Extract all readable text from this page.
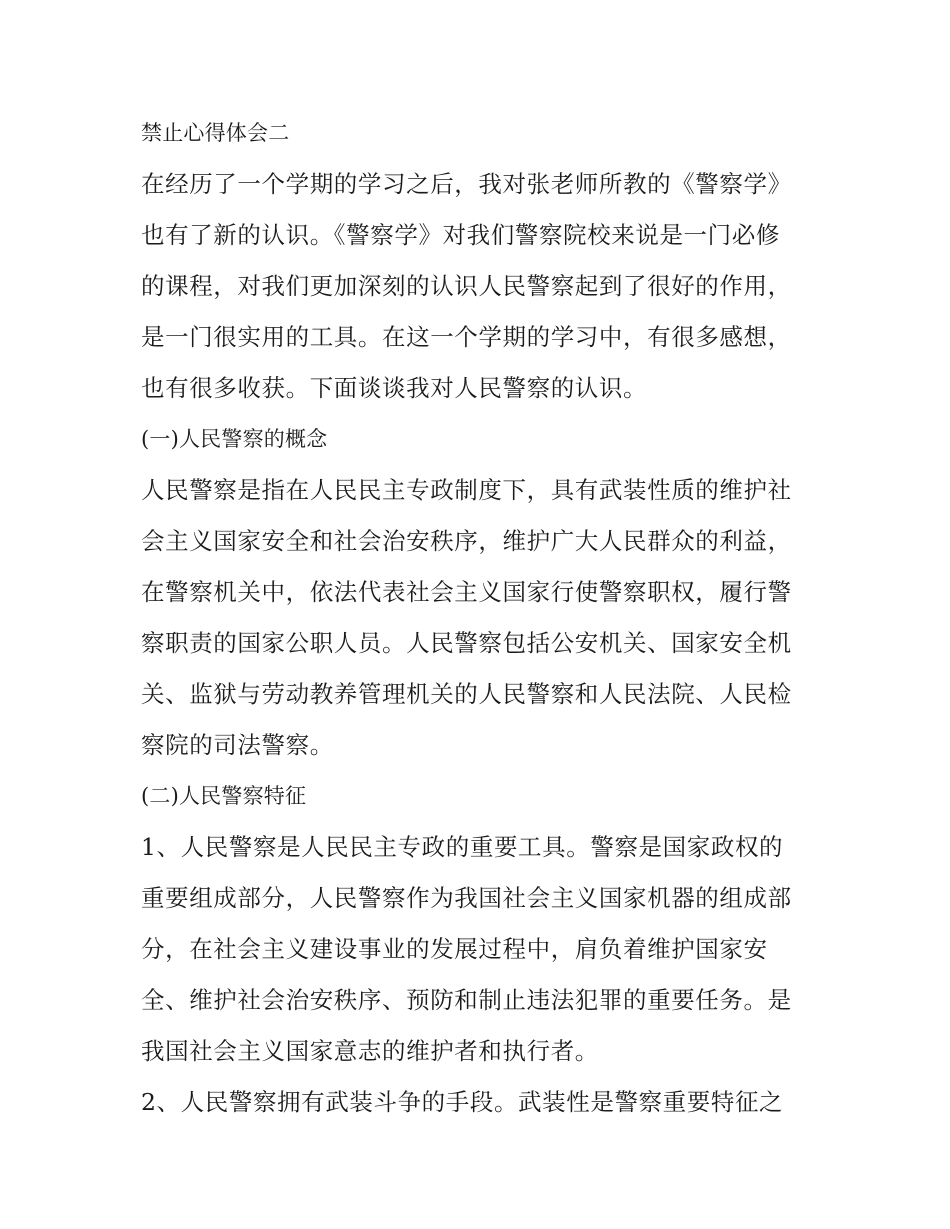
禁止心得体会二
在经历了一个学期的学习之后，我对张老师所教的《警察学》
也有了新的认识。《警察学》对我们警察院校来说是一门必修
的课程，对我们更加深刻的认识人民警察起到了很好的作用，
是一门很实用的工具。在这一个学期的学习中，有很多感想，
也有很多收获。下面谈谈我对人民警察的认识。
(一)人民警察的概念
人民警察是指在人民民主专政制度下，具有武装性质的维护社
会主义国家安全和社会治安秩序，维护广大人民群众的利益，
在警察机关中，依法代表社会主义国家行使警察职权，履行警
察职责的国家公职人员。人民警察包括公安机关、国家安全机
关、监狱与劳动教养管理机关的人民警察和人民法院、人民检
察院的司法警察。
(二)人民警察特征
1、人民警察是人民民主专政的重要工具。警察是国家政权的
重要组成部分，人民警察作为我国社会主义国家机器的组成部
分，在社会主义建设事业的发展过程中，肩负着维护国家安
全、维护社会治安秩序、预防和制止违法犯罪的重要任务。是
我国社会主义国家意志的维护者和执行者。
2、人民警察拥有武装斗争的手段。武装性是警察重要特征之
